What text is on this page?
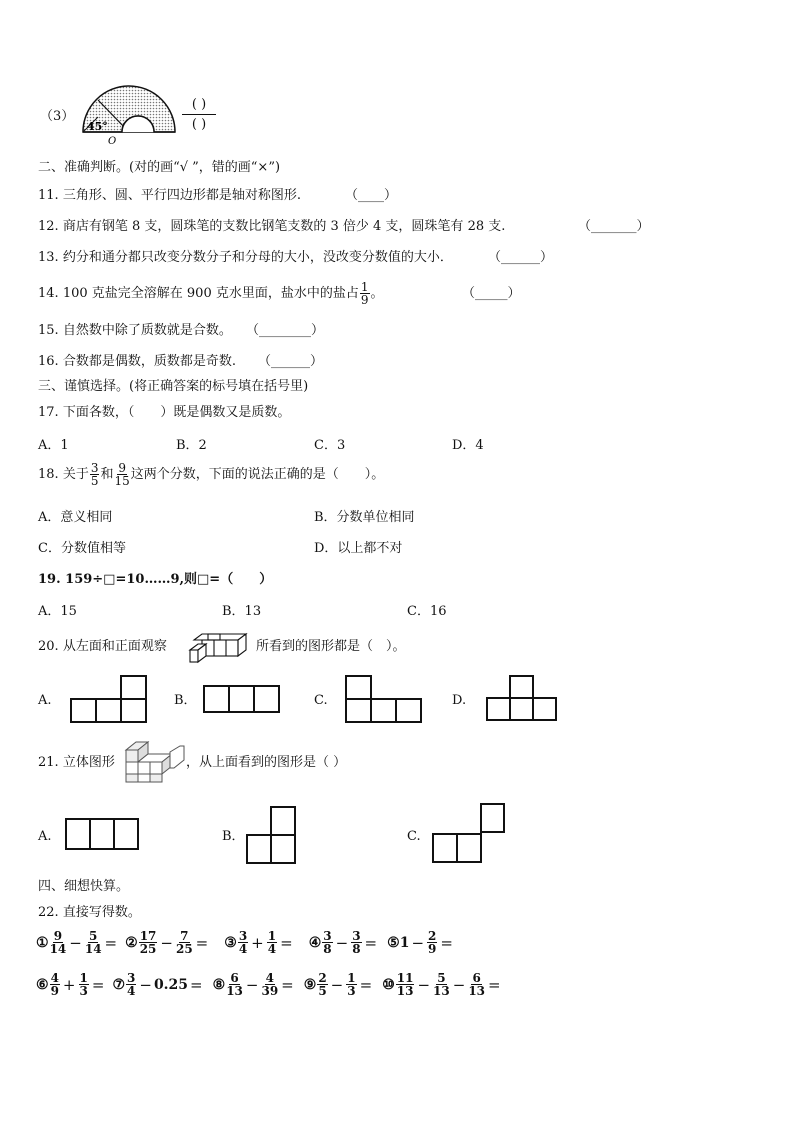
（3）
45°
O
( )
( )
二、准确判断。(对的画“√ ”，错的画“×”)
11. 三角形、圆、平行四边形都是轴对称图形.	（____）
12. 商店有钢笔 8 支，圆珠笔的支数比钢笔支数的 3 倍少 4 支，圆珠笔有 28 支.	（_______）
13. 约分和通分都只改变分数分子和分母的大小，没改变分数值的大小．	（______）
14.
100 克盐完全溶解在 900 克水里面，盐水中的盐占 $\frac{1}{9}$ 。	（_____）
15. 自然数中除了质数就是合数。 （________）
16. 合数都是偶数，质数都是奇数. （______）
三、谨慎选择。(将正确答案的标号填在括号里)
17. 下面各数，（　　）既是偶数又是质数。
A．1	B．2	C．3	D．4
18.
关于 $\frac{3}{5}$ 和 $\frac{9}{15}$ 这两个分数，下面的说法正确的是（　　）。
A．意义相同	B．分数单位相同
C．分数值相等	D．以上都不对
19. 159÷□=10……9,则□=（　　）
A．15	B．13	C．16
20. 从左面和正面观察	所看到的图形都是（　）。
A.	B．	C.	D.
21. 立体图形	，从上面看到的图形是（ ）
A.	B．	C.
四、细想快算。
22. 直接写得数。
① $\frac{9}{14} - \frac{5}{14}$ = ② $\frac{17}{25} - \frac{7}{25}$ = ③ $\frac{3}{4} + \frac{1}{4}$ = ④ $\frac{3}{8} - \frac{3}{8}$ = ⑤ $1 - \frac{2}{9}$ =
⑥ $\frac{4}{9} + \frac{1}{3}$ = ⑦ $\frac{3}{4} - 0.25$ = ⑧ $\frac{6}{13} - \frac{4}{39}$ = ⑨ $\frac{2}{5} - \frac{1}{3}$ = ⑩ $\frac{11}{13} - \frac{5}{13} - \frac{6}{13}$ =
